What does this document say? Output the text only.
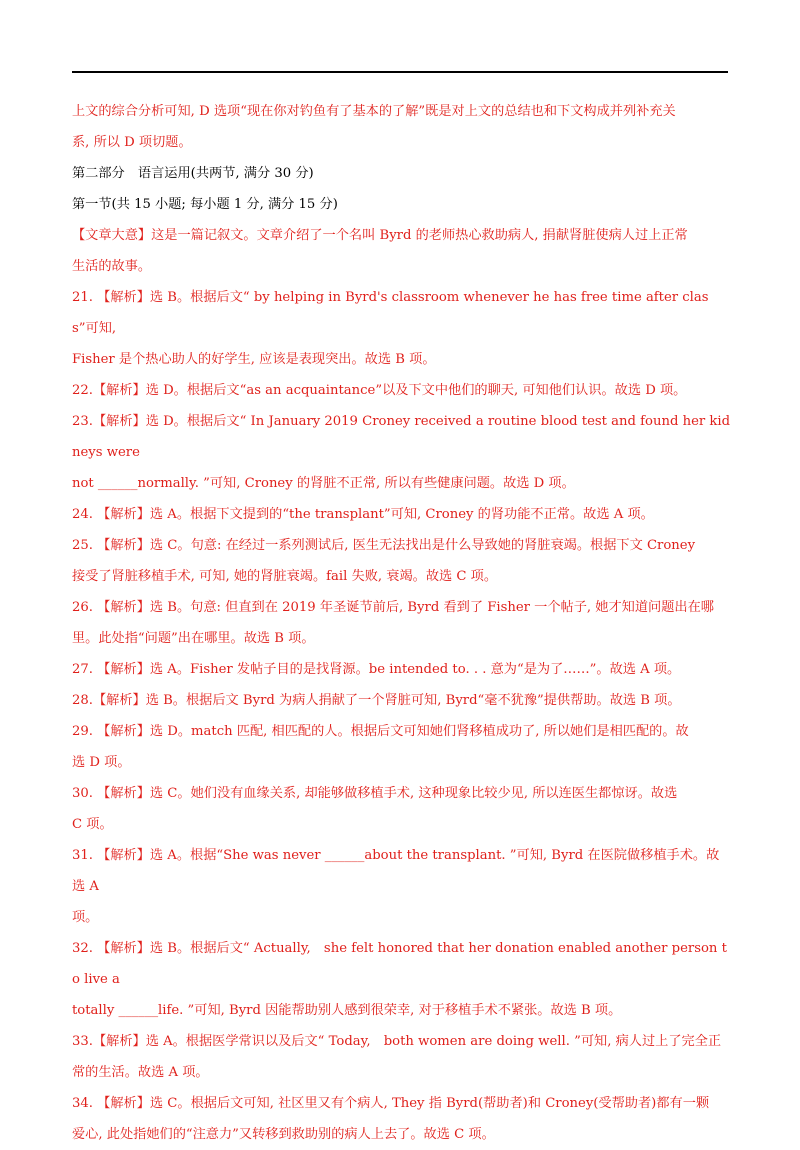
上文的综合分析可知, D 选项“现在你对钓鱼有了基本的了解”既是对上文的总结也和下文构成并列补充关

系, 所以 D 项切题。

第二部分　语言运用(共两节, 满分 30 分)

第一节(共 15 小题; 每小题 1 分, 满分 15 分)

【文章大意】这是一篇记叙文。文章介绍了一个名叫 Byrd 的老师热心救助病人, 捐献肾脏使病人过上正常

生活的故事。

21. 【解析】选 B。根据后文“ by helping in Byrd's classroom whenever he has free time after class”可知,

Fisher 是个热心助人的好学生, 应该是表现突出。故选 B 项。

22.【解析】选 D。根据后文“as an acquaintance”以及下文中他们的聊天, 可知他们认识。故选 D 项。

23.【解析】选 D。根据后文“ In January 2019 Croney received a routine blood test and found her kidneys were

not ______normally. ”可知, Croney 的肾脏不正常, 所以有些健康问题。故选 D 项。

24. 【解析】选 A。根据下文提到的“the transplant”可知, Croney 的肾功能不正常。故选 A 项。

25. 【解析】选 C。句意: 在经过一系列测试后, 医生无法找出是什么导致她的肾脏衰竭。根据下文 Croney

接受了肾脏移植手术, 可知, 她的肾脏衰竭。fail 失败, 衰竭。故选 C 项。

26. 【解析】选 B。句意: 但直到在 2019 年圣诞节前后, Byrd 看到了 Fisher 一个帖子, 她才知道问题出在哪

里。此处指“问题”出在哪里。故选 B 项。

27. 【解析】选 A。Fisher 发帖子目的是找肾源。be intended to. . . 意为“是为了……”。故选 A 项。

28.【解析】选 B。根据后文 Byrd 为病人捐献了一个肾脏可知, Byrd“毫不犹豫”提供帮助。故选 B 项。

29. 【解析】选 D。match 匹配, 相匹配的人。根据后文可知她们肾移植成功了, 所以她们是相匹配的。故

选 D 项。

30. 【解析】选 C。她们没有血缘关系, 却能够做移植手术, 这种现象比较少见, 所以连医生都惊讶。故选

C 项。

31. 【解析】选 A。根据“She was never ______about the transplant. ”可知, Byrd 在医院做移植手术。故选 A

项。

32. 【解析】选 B。根据后文“ Actually,　she felt honored that her donation enabled another person to live a

totally ______life. ”可知, Byrd 因能帮助别人感到很荣幸, 对于移植手术不紧张。故选 B 项。

33.【解析】选 A。根据医学常识以及后文“ Today,　both women are doing well. ”可知, 病人过上了完全正

常的生活。故选 A 项。

34. 【解析】选 C。根据后文可知, 社区里又有个病人, They 指 Byrd(帮助者)和 Croney(受帮助者)都有一颗

爱心, 此处指她们的“注意力”又转移到救助别的病人上去了。故选 C 项。
